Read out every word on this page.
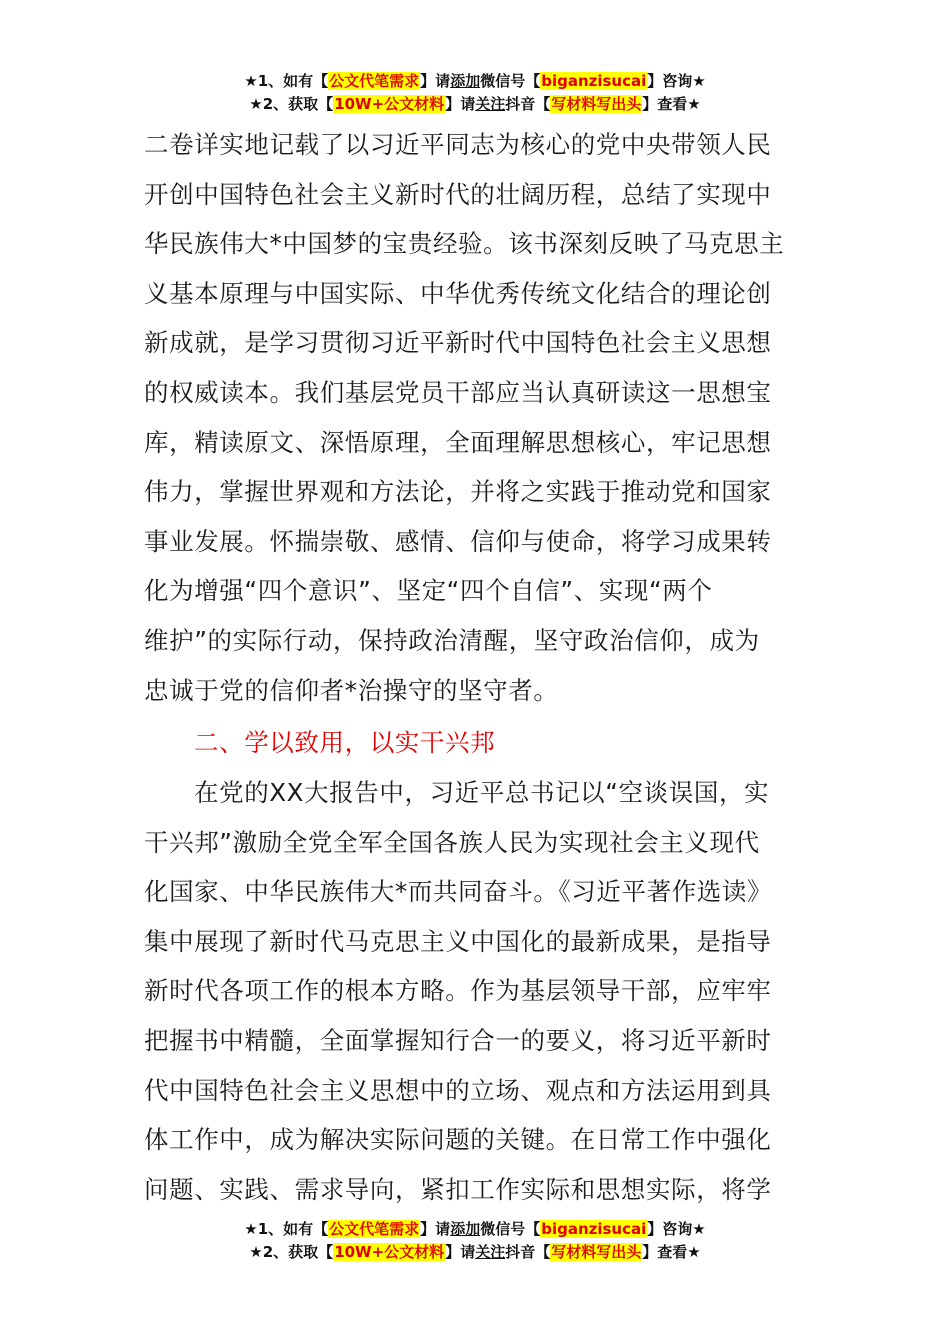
★1、如有【公文代笔需求】请添加微信号【biganzisucai】咨询★
★2、获取【10W+公文材料】请关注抖音【写材料写出头】查看★
二卷详实地记载了以习近平同志为核心的党中央带领人民
开创中国特色社会主义新时代的壮阔历程，总结了实现中
华民族伟大*中国梦的宝贵经验。该书深刻反映了马克思主
义基本原理与中国实际、中华优秀传统文化结合的理论创
新成就，是学习贯彻习近平新时代中国特色社会主义思想
的权威读本。我们基层党员干部应当认真研读这一思想宝
库，精读原文、深悟原理，全面理解思想核心，牢记思想
伟力，掌握世界观和方法论，并将之实践于推动党和国家
事业发展。怀揣崇敬、感情、信仰与使命，将学习成果转
化为增强“四个意识”、坚定“四个自信”、实现“两个
维护”的实际行动，保持政治清醒，坚守政治信仰，成为
忠诚于党的信仰者*治操守的坚守者。
二、学以致用，以实干兴邦
在党的XX大报告中，习近平总书记以“空谈误国，实
干兴邦”激励全党全军全国各族人民为实现社会主义现代
化国家、中华民族伟大*而共同奋斗。《习近平著作选读》
集中展现了新时代马克思主义中国化的最新成果，是指导
新时代各项工作的根本方略。作为基层领导干部，应牢牢
把握书中精髓，全面掌握知行合一的要义，将习近平新时
代中国特色社会主义思想中的立场、观点和方法运用到具
体工作中，成为解决实际问题的关键。在日常工作中强化
问题、实践、需求导向，紧扣工作实际和思想实际，将学
★1、如有【公文代笔需求】请添加微信号【biganzisucai】咨询★
★2、获取【10W+公文材料】请关注抖音【写材料写出头】查看★
